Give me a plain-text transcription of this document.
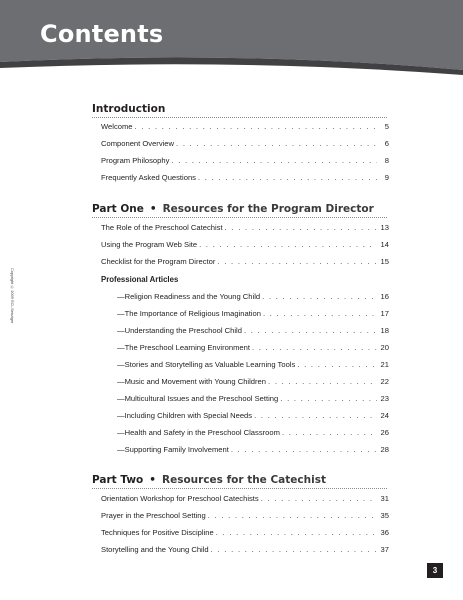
Contents
Copyright © 2009 RCL Benziger
Introduction
Welcome . . .	5
Component Overview . . .	6
Program Philosophy . . .	8
Frequently Asked Questions . . .	9
Part One • Resources for the Program Director
The Role of the Preschool Catechist . . .	13
Using the Program Web Site . . .	14
Checklist for the Program Director . . .	15
Professional Articles
—Religion Readiness and the Young Child . . .	16
—The Importance of Religious Imagination . . .	17
—Understanding the Preschool Child . . .	18
—The Preschool Learning Environment . . .	20
—Stories and Storytelling as Valuable Learning Tools . . .	21
—Music and Movement with Young Children . . .	22
—Multicultural Issues and the Preschool Setting . . .	23
—Including Children with Special Needs . . .	24
—Health and Safety in the Preschool Classroom . . .	26
—Supporting Family Involvement . . .	28
Part Two • Resources for the Catechist
Orientation Workshop for Preschool Catechists . . .	31
Prayer in the Preschool Setting . . .	35
Techniques for Positive Discipline . . .	36
Storytelling and the Young Child . . .	37
3
